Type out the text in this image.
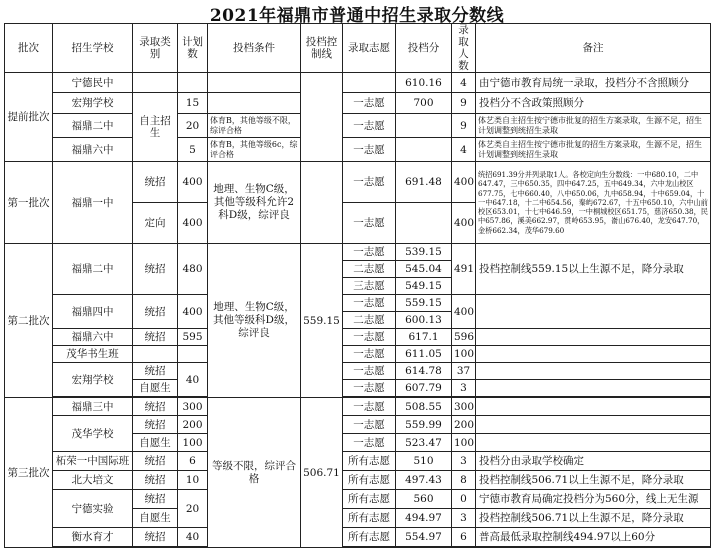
2021年福鼎市普通中招生录取分数线
批次	招生学校	录取类别	计划数	投档条件	投档控制线	录取志愿	投档分	录取人数	备注
提前批次	宁德民中						610.16	4	由宁德市教育局统一录取，投档分不含照顾分
	宏翔学校	自主招生	15			一志愿	700	9	投档分不含政策照顾分
	福鼎二中		20	体育B，其他等级不限，综评合格		一志愿		9	体艺类自主招生按宁德市批复的招生方案录取，生源不足，招生计划调整到统招生录取
	福鼎六中		5	体育B，其他等级6c，综评合格		一志愿		4	体艺类自主招生按宁德市批复的招生方案录取，生源不足，招生计划调整到统招生录取
第一批次	福鼎一中	统招	400	地理、生物C级，其他等级科允许2科D级，综评良		一志愿	691.48	400	统招691.39分并列录取1人。各校定向生分数线：一中680.10，二中647.47，三中650.35，四中647.25，五中649.34，六中龙山校区677.75，七中660.40，八中650.06，九中658.94，十中659.04，十一中647.18，十二中654.56，秦屿672.67，十五中650.10，六中山前校区653.01，十七中646.59，一中桐城校区651.75，慈济650.38，民中657.86，溪美662.97，贯岭653.95，嵛山676.40，龙安647.70，金桥662.34，茂华679.60
		定向	400			一志愿		400	
第二批次	福鼎二中	统招	480	地理、生物C级，其他等级科D级，综评良	559.15	一志愿	539.15	491	投档控制线559.15以上生源不足，降分录取
						二志愿	545.04		
						三志愿	549.15		
	福鼎四中	统招	400			一志愿	559.15	400	
						二志愿	600.13		
	福鼎六中	统招	595			一志愿	617.1	596	
	茂华书生班					一志愿	611.05	100	
	宏翔学校	统招	40			一志愿	614.78	37	
		自愿生				一志愿	607.79	3	

第三批次	福鼎三中	统招	300	等级不限，综评合格	506.71	一志愿	508.55	300	
	茂华学校	统招	200			一志愿	559.99	200	
		自愿生	100			一志愿	523.47	100	
	柘荣一中国际班	统招	6			所有志愿	510	3	投档分由录取学校确定
	北大培文	统招	10			所有志愿	497.43	8	投档控制线506.71以上生源不足，降分录取
	宁德实验	统招	20			所有志愿	560	0	宁德市教育局确定投档分为560分，线上无生源
		自愿生				所有志愿	494.97	3	投档控制线506.71以上生源不足，降分录取
	衡水育才	统招	40			所有志愿	554.97	6	普高最低录取控制线494.97以上60分
